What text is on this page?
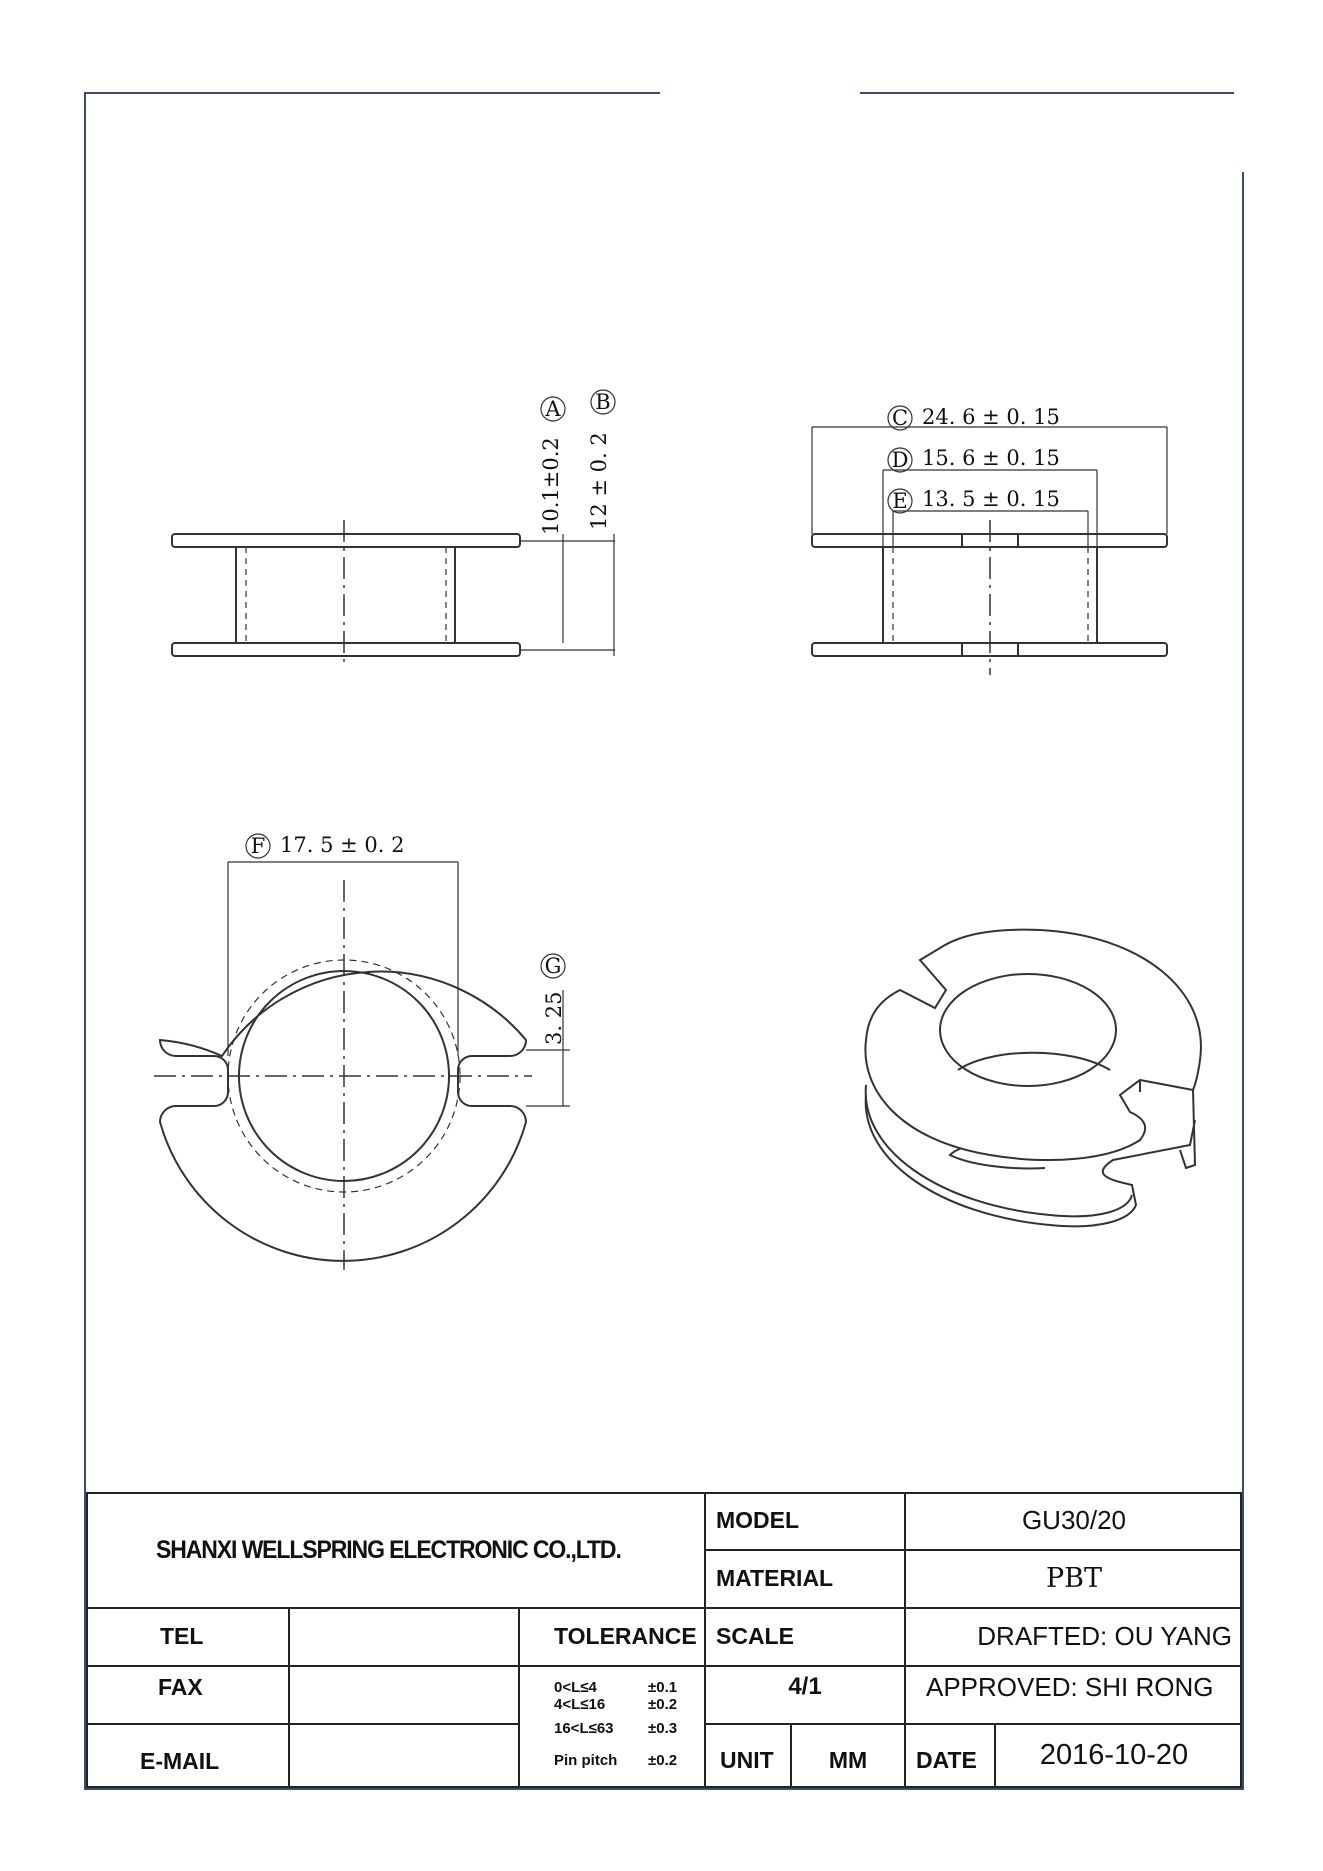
A
10.1±0.2
B
12 ± 0. 2
C 24. 6 ± 0. 15
D 15. 6 ± 0. 15
E 13. 5 ± 0. 15
F 17. 5 ± 0. 2
G
3. 25
SHANXI WELLSPRING ELECTRONIC CO.,LTD.
MODEL	GU30/20
MATERIAL	PBT
TEL
FAX
E-MAIL
TOLERANCE
0<L≤4	±0.1
4<L≤16	±0.2
16<L≤63 ±0.3
Pin pitch ±0.2
SCALE
4/1
UNIT MM
DRAFTED: OU YANG
APPROVED: SHI RONG
DATE 2016-10-20
